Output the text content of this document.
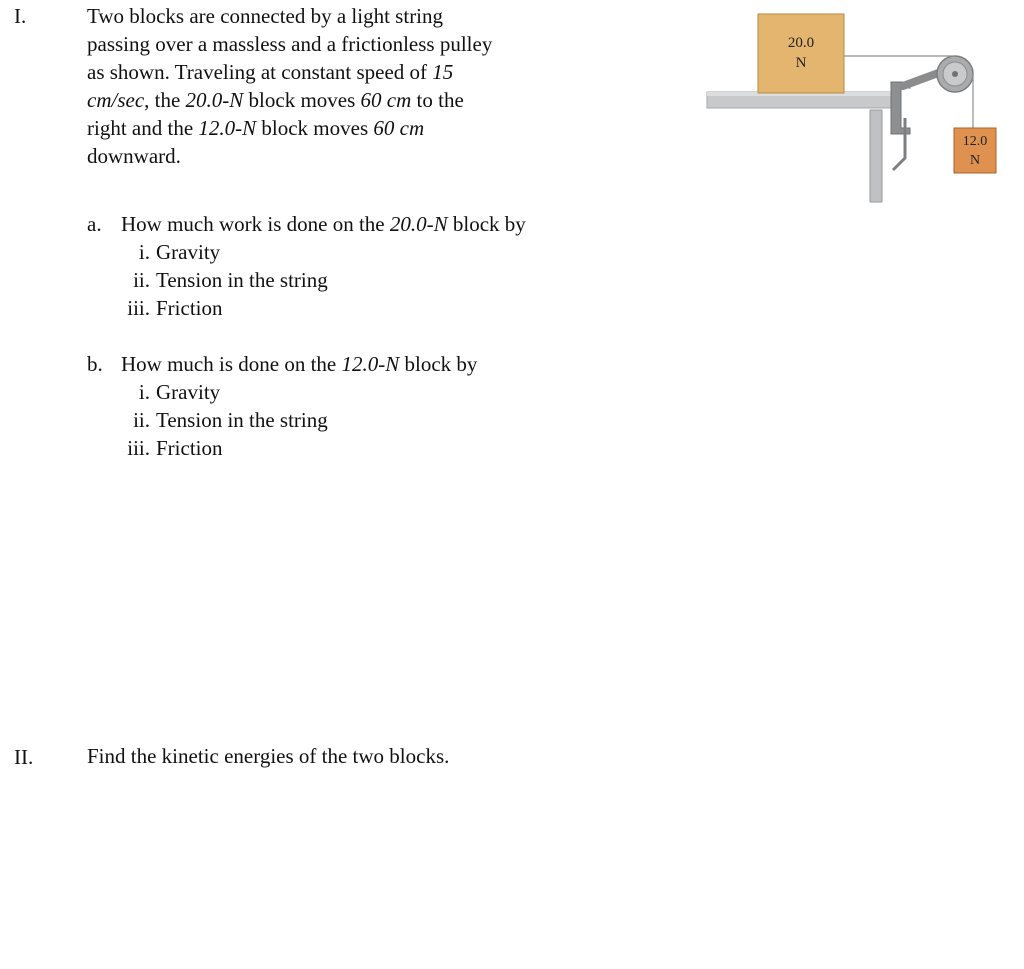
I.	Two blocks are connected by a light string passing over a massless and a frictionless pulley as shown. Traveling at constant speed of 15 cm/sec, the 20.0-N block moves 60 cm to the right and the 12.0-N block moves 60 cm downward.
20.0
N
12.0
N
a. How much work is done on the 20.0-N block by
i. Gravity
ii. Tension in the string
iii. Friction
b. How much is done on the 12.0-N block by
i. Gravity
ii. Tension in the string
iii. Friction
II.	Find the kinetic energies of the two blocks.
